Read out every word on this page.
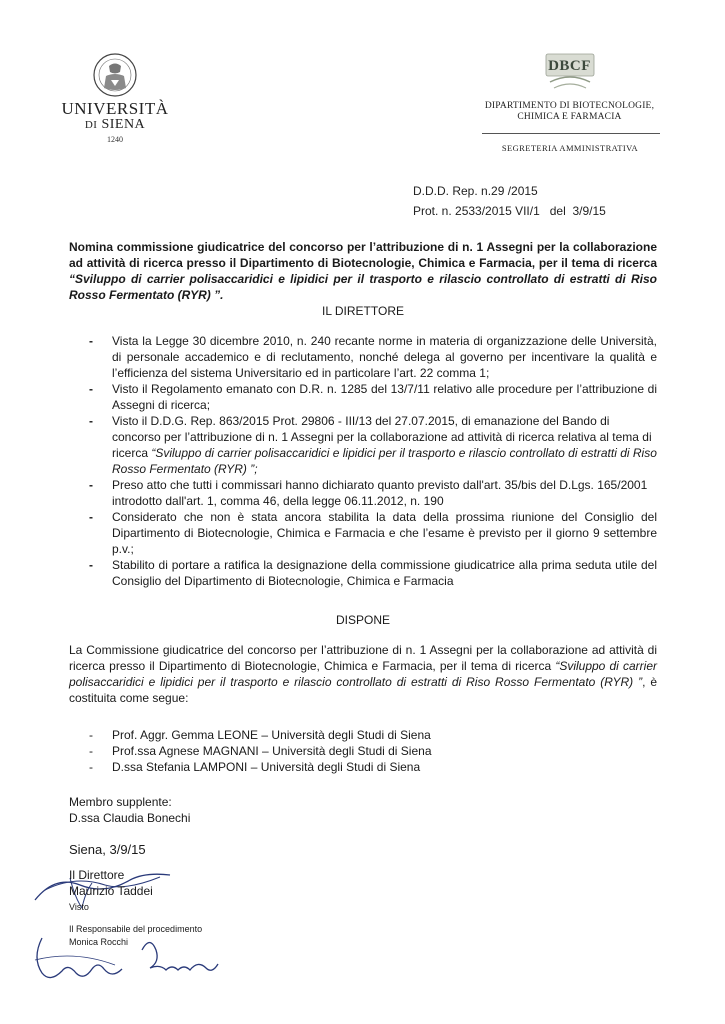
UNIVERSITÀ
DI SIENA
1240
DBCF
DIPARTIMENTO DI BIOTECNOLOGIE,
CHIMICA E FARMACIA
SEGRETERIA AMMINISTRATIVA
D.D.D. Rep. n.29 /2015
Prot. n. 2533/2015 VII/1   del  3/9/15
Nomina commissione giudicatrice del concorso per l’attribuzione di n. 1 Assegni per la collaborazione ad attività di ricerca presso il Dipartimento di Biotecnologie, Chimica e Farmacia, per il tema di ricerca “Sviluppo di carrier polisaccaridici e lipidici per il trasporto e rilascio controllato di estratti di Riso Rosso Fermentato (RYR) ”.
IL DIRETTORE
- Vista la Legge 30 dicembre 2010, n. 240 recante norme in materia di organizzazione delle Università, di personale accademico e di reclutamento, nonché delega al governo per incentivare la qualità e l’efficienza del sistema Universitario ed in particolare l’art. 22 comma 1;
- Visto il Regolamento emanato con D.R. n. 1285 del 13/7/11 relativo alle procedure per l’attribuzione di Assegni di ricerca;
- Visto il D.D.G. Rep. 863/2015 Prot. 29806 - III/13 del 27.07.2015, di emanazione del Bando di concorso per l’attribuzione di n. 1 Assegni per la collaborazione ad attività di ricerca relativa al tema di ricerca “Sviluppo di carrier polisaccaridici e lipidici per il trasporto e rilascio controllato di estratti di Riso Rosso Fermentato (RYR) ”;
- Preso atto che tutti i commissari hanno dichiarato quanto previsto dall'art. 35/bis del D.Lgs. 165/2001 introdotto dall'art. 1, comma 46, della legge 06.11.2012, n. 190
- Considerato che non è stata ancora stabilita la data della prossima riunione del Consiglio del Dipartimento di Biotecnologie, Chimica e Farmacia e che l’esame è previsto per il giorno 9 settembre p.v.;
- Stabilito di portare a ratifica la designazione della commissione giudicatrice alla prima seduta utile del Consiglio del Dipartimento di Biotecnologie, Chimica e Farmacia
DISPONE
La Commissione giudicatrice del concorso per l’attribuzione di n. 1 Assegni per la collaborazione ad attività di ricerca presso il Dipartimento di Biotecnologie, Chimica e Farmacia, per il tema di ricerca “Sviluppo di carrier polisaccaridici e lipidici per il trasporto e rilascio controllato di estratti di Riso Rosso Fermentato (RYR) ”, è costituita come segue:
- Prof. Aggr. Gemma LEONE – Università degli Studi di Siena
- Prof.ssa Agnese MAGNANI – Università degli Studi di Siena
- D.ssa Stefania LAMPONI – Università degli Studi di Siena
Membro supplente:
D.ssa Claudia Bonechi
Siena, 3/9/15
Il Direttore
Maurizio Taddei
Visto
Il Responsabile del procedimento
Monica Rocchi
